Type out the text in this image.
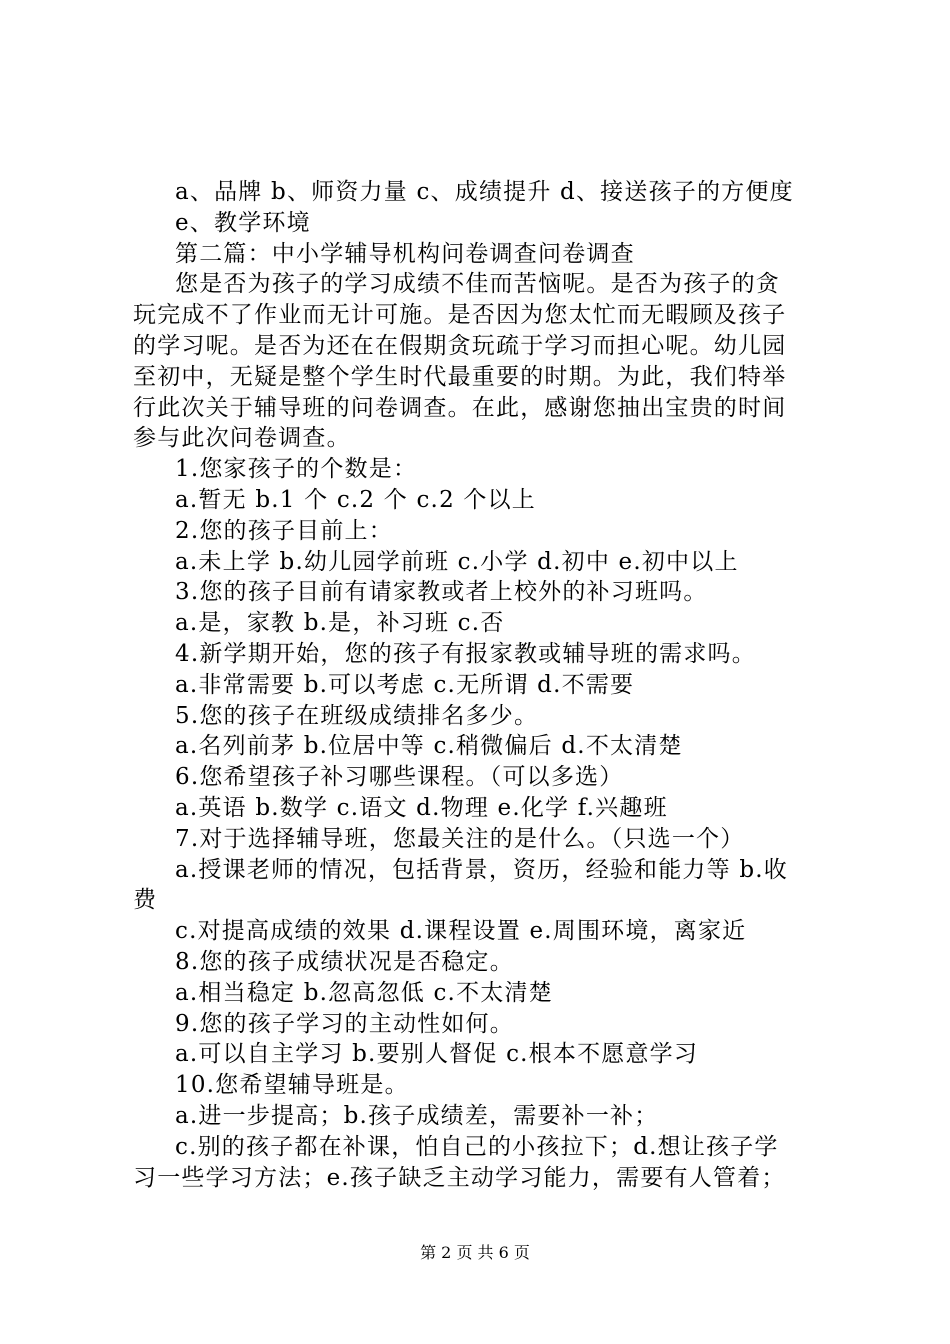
a、品牌 b、师资力量 c、成绩提升 d、接送孩子的方便度
e、教学环境
第二篇：中小学辅导机构问卷调查问卷调查
您是否为孩子的学习成绩不佳而苦恼呢。是否为孩子的贪
玩完成不了作业而无计可施。是否因为您太忙而无暇顾及孩子
的学习呢。是否为还在在假期贪玩疏于学习而担心呢。幼儿园
至初中，无疑是整个学生时代最重要的时期。为此，我们特举
行此次关于辅导班的问卷调查。在此，感谢您抽出宝贵的时间
参与此次问卷调查。
1.您家孩子的个数是：
a.暂无 b.1 个 c.2 个 c.2 个以上
2.您的孩子目前上：
a.未上学 b.幼儿园学前班 c.小学 d.初中 e.初中以上
3.您的孩子目前有请家教或者上校外的补习班吗。
a.是，家教 b.是，补习班 c.否
4.新学期开始，您的孩子有报家教或辅导班的需求吗。
a.非常需要 b.可以考虑 c.无所谓 d.不需要
5.您的孩子在班级成绩排名多少。
a.名列前茅 b.位居中等 c.稍微偏后 d.不太清楚
6.您希望孩子补习哪些课程。（可以多选）
a.英语 b.数学 c.语文 d.物理 e.化学 f.兴趣班
7.对于选择辅导班，您最关注的是什么。（只选一个）
a.授课老师的情况，包括背景，资历，经验和能力等 b.收
费
c.对提高成绩的效果 d.课程设置 e.周围环境，离家近
8.您的孩子成绩状况是否稳定。
a.相当稳定 b.忽高忽低 c.不太清楚
9.您的孩子学习的主动性如何。
a.可以自主学习 b.要别人督促 c.根本不愿意学习
10.您希望辅导班是。
a.进一步提高；b.孩子成绩差，需要补一补；
c.别的孩子都在补课，怕自己的小孩拉下；d.想让孩子学
习一些学习方法；e.孩子缺乏主动学习能力，需要有人管着；
第 2 页 共 6 页
